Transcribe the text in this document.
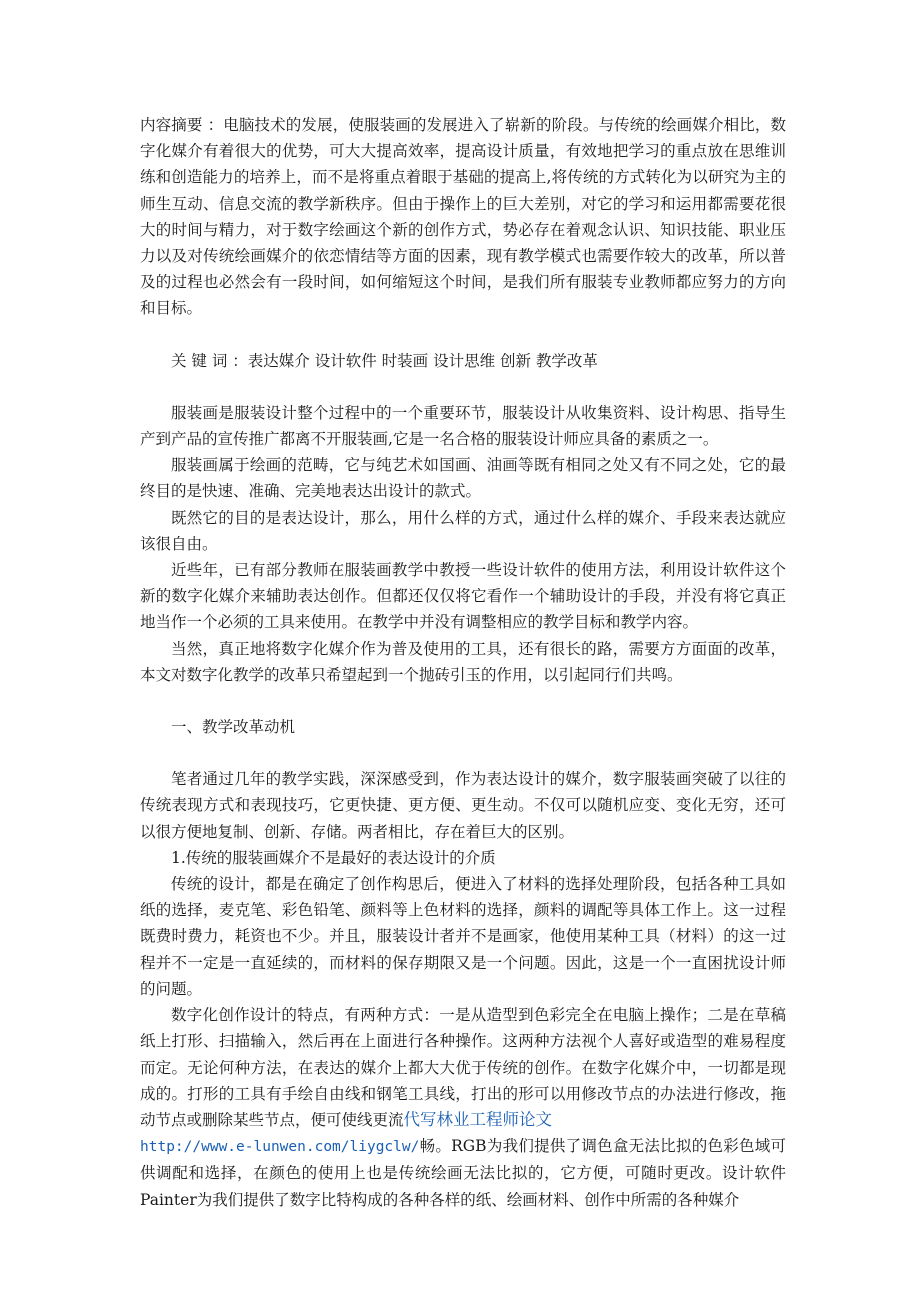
内容摘要 ：电脑技术的发展，使服装画的发展进入了崭新的阶段。与传统的绘画媒介相比，数字化媒介有着很大的优势，可大大提高效率，提高设计质量，有效地把学习的重点放在思维训练和创造能力的培养上，而不是将重点着眼于基础的提高上,将传统的方式转化为以研究为主的师生互动、信息交流的教学新秩序。但由于操作上的巨大差别，对它的学习和运用都需要花很大的时间与精力，对于数字绘画这个新的创作方式，势必存在着观念认识、知识技能、职业压力以及对传统绘画媒介的依恋情结等方面的因素，现有教学模式也需要作较大的改革，所以普及的过程也必然会有一段时间，如何缩短这个时间，是我们所有服装专业教师都应努力的方向和目标。

关 键 词 ：表达媒介 设计软件 时装画 设计思维 创新 教学改革

服装画是服装设计整个过程中的一个重要环节，服装设计从收集资料、设计构思、指导生产到产品的宣传推广都离不开服装画,它是一名合格的服装设计师应具备的素质之一。

服装画属于绘画的范畴，它与纯艺术如国画、油画等既有相同之处又有不同之处，它的最终目的是快速、准确、完美地表达出设计的款式。

既然它的目的是表达设计，那么，用什么样的方式，通过什么样的媒介、手段来表达就应该很自由。

近些年，已有部分教师在服装画教学中教授一些设计软件的使用方法，利用设计软件这个新的数字化媒介来辅助表达创作。但都还仅仅将它看作一个辅助设计的手段，并没有将它真正地当作一个必须的工具来使用。在教学中并没有调整相应的教学目标和教学内容。

当然，真正地将数字化媒介作为普及使用的工具，还有很长的路，需要方方面面的改革，本文对数字化教学的改革只希望起到一个抛砖引玉的作用，以引起同行们共鸣。

一、教学改革动机

笔者通过几年的教学实践，深深感受到，作为表达设计的媒介，数字服装画突破了以往的传统表现方式和表现技巧，它更快捷、更方便、更生动。不仅可以随机应变、变化无穷，还可以很方便地复制、创新、存储。两者相比，存在着巨大的区别。

1.传统的服装画媒介不是最好的表达设计的介质

传统的设计，都是在确定了创作构思后，便进入了材料的选择处理阶段，包括各种工具如纸的选择，麦克笔、彩色铅笔、颜料等上色材料的选择，颜料的调配等具体工作上。这一过程既费时费力，耗资也不少。并且，服装设计者并不是画家，他使用某种工具（材料）的这一过程并不一定是一直延续的，而材料的保存期限又是一个问题。因此，这是一个一直困扰设计师的问题。

数字化创作设计的特点，有两种方式：一是从造型到色彩完全在电脑上操作；二是在草稿纸上打形、扫描输入，然后再在上面进行各种操作。这两种方法视个人喜好或造型的难易程度而定。无论何种方法，在表达的媒介上都大大优于传统的创作。在数字化媒介中，一切都是现成的。打形的工具有手绘自由线和钢笔工具线，打出的形可以用修改节点的办法进行修改，拖动节点或删除某些节点，便可使线更流代写林业工程师论文
http://www.e-lunwen.com/liygclw/畅。RGB为我们提供了调色盒无法比拟的色彩色域可供调配和选择，在颜色的使用上也是传统绘画无法比拟的，它方便，可随时更改。设计软件Painter为我们提供了数字比特构成的各种各样的纸、绘画材料、创作中所需的各种媒介
